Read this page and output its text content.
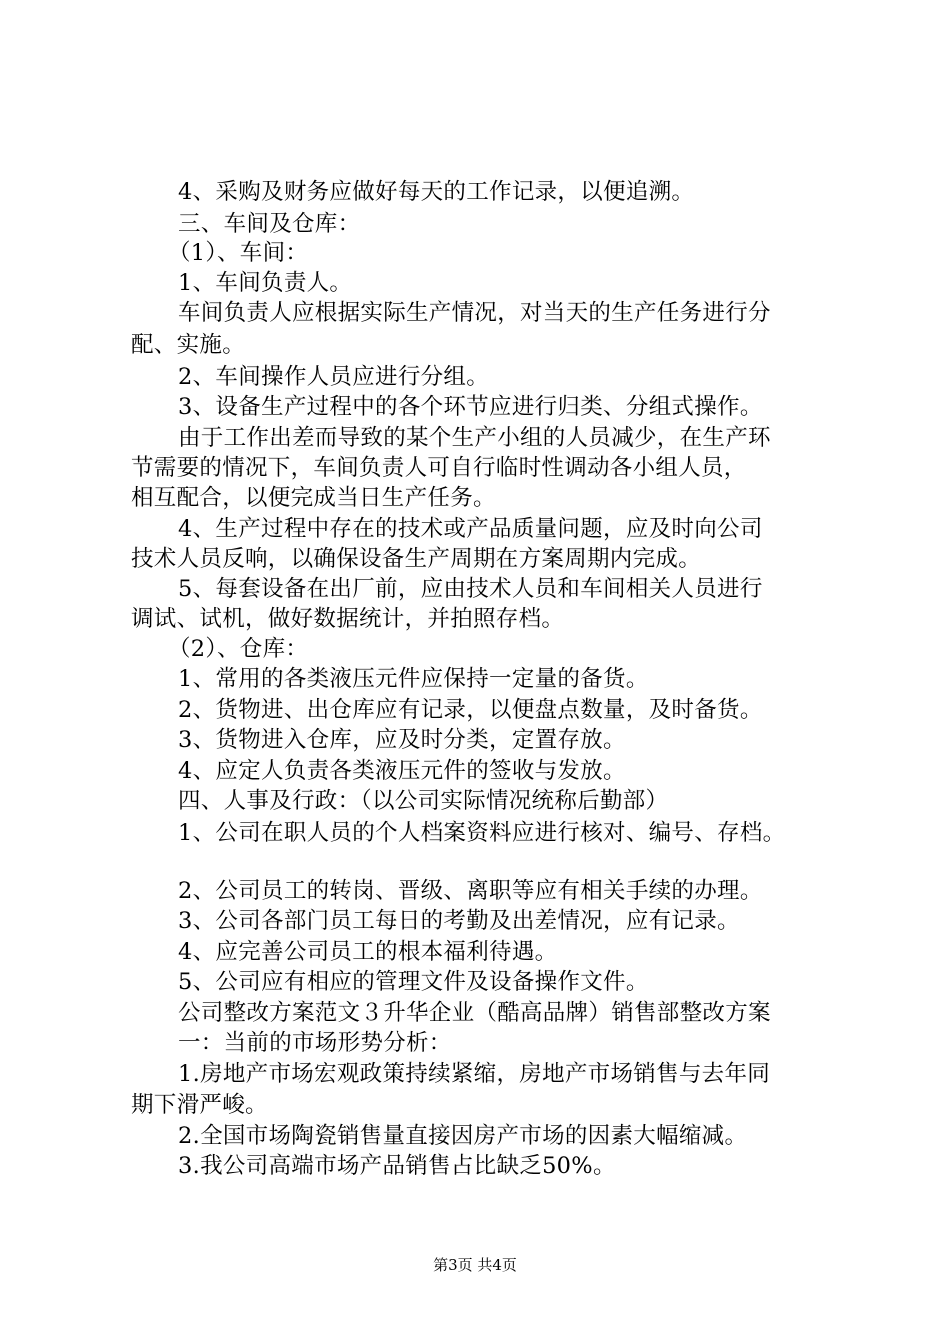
4、采购及财务应做好每天的工作记录，以便追溯。
三、车间及仓库：
（1）、车间：
1、车间负责人。
车间负责人应根据实际生产情况，对当天的生产任务进行分
配、实施。
2、车间操作人员应进行分组。
3、设备生产过程中的各个环节应进行归类、分组式操作。
由于工作出差而导致的某个生产小组的人员减少，在生产环
节需要的情况下，车间负责人可自行临时性调动各小组人员，
相互配合，以便完成当日生产任务。
4、生产过程中存在的技术或产品质量问题，应及时向公司
技术人员反响，以确保设备生产周期在方案周期内完成。
5、每套设备在出厂前，应由技术人员和车间相关人员进行
调试、试机，做好数据统计，并拍照存档。
（2）、仓库：
1、常用的各类液压元件应保持一定量的备货。
2、货物进、出仓库应有记录，以便盘点数量，及时备货。
3、货物进入仓库，应及时分类，定置存放。
4、应定人负责各类液压元件的签收与发放。
四、人事及行政：（以公司实际情况统称后勤部）
1、公司在职人员的个人档案资料应进行核对、编号、存档。
2、公司员工的转岗、晋级、离职等应有相关手续的办理。
3、公司各部门员工每日的考勤及出差情况，应有记录。
4、应完善公司员工的根本福利待遇。
5、公司应有相应的管理文件及设备操作文件。
公司整改方案范文３升华企业（酷高品牌）销售部整改方案
一：当前的市场形势分析：
1.房地产市场宏观政策持续紧缩，房地产市场销售与去年同
期下滑严峻。
2.全国市场陶瓷销售量直接因房产市场的因素大幅缩减。
3.我公司高端市场产品销售占比缺乏50%。
第3页 共4页
